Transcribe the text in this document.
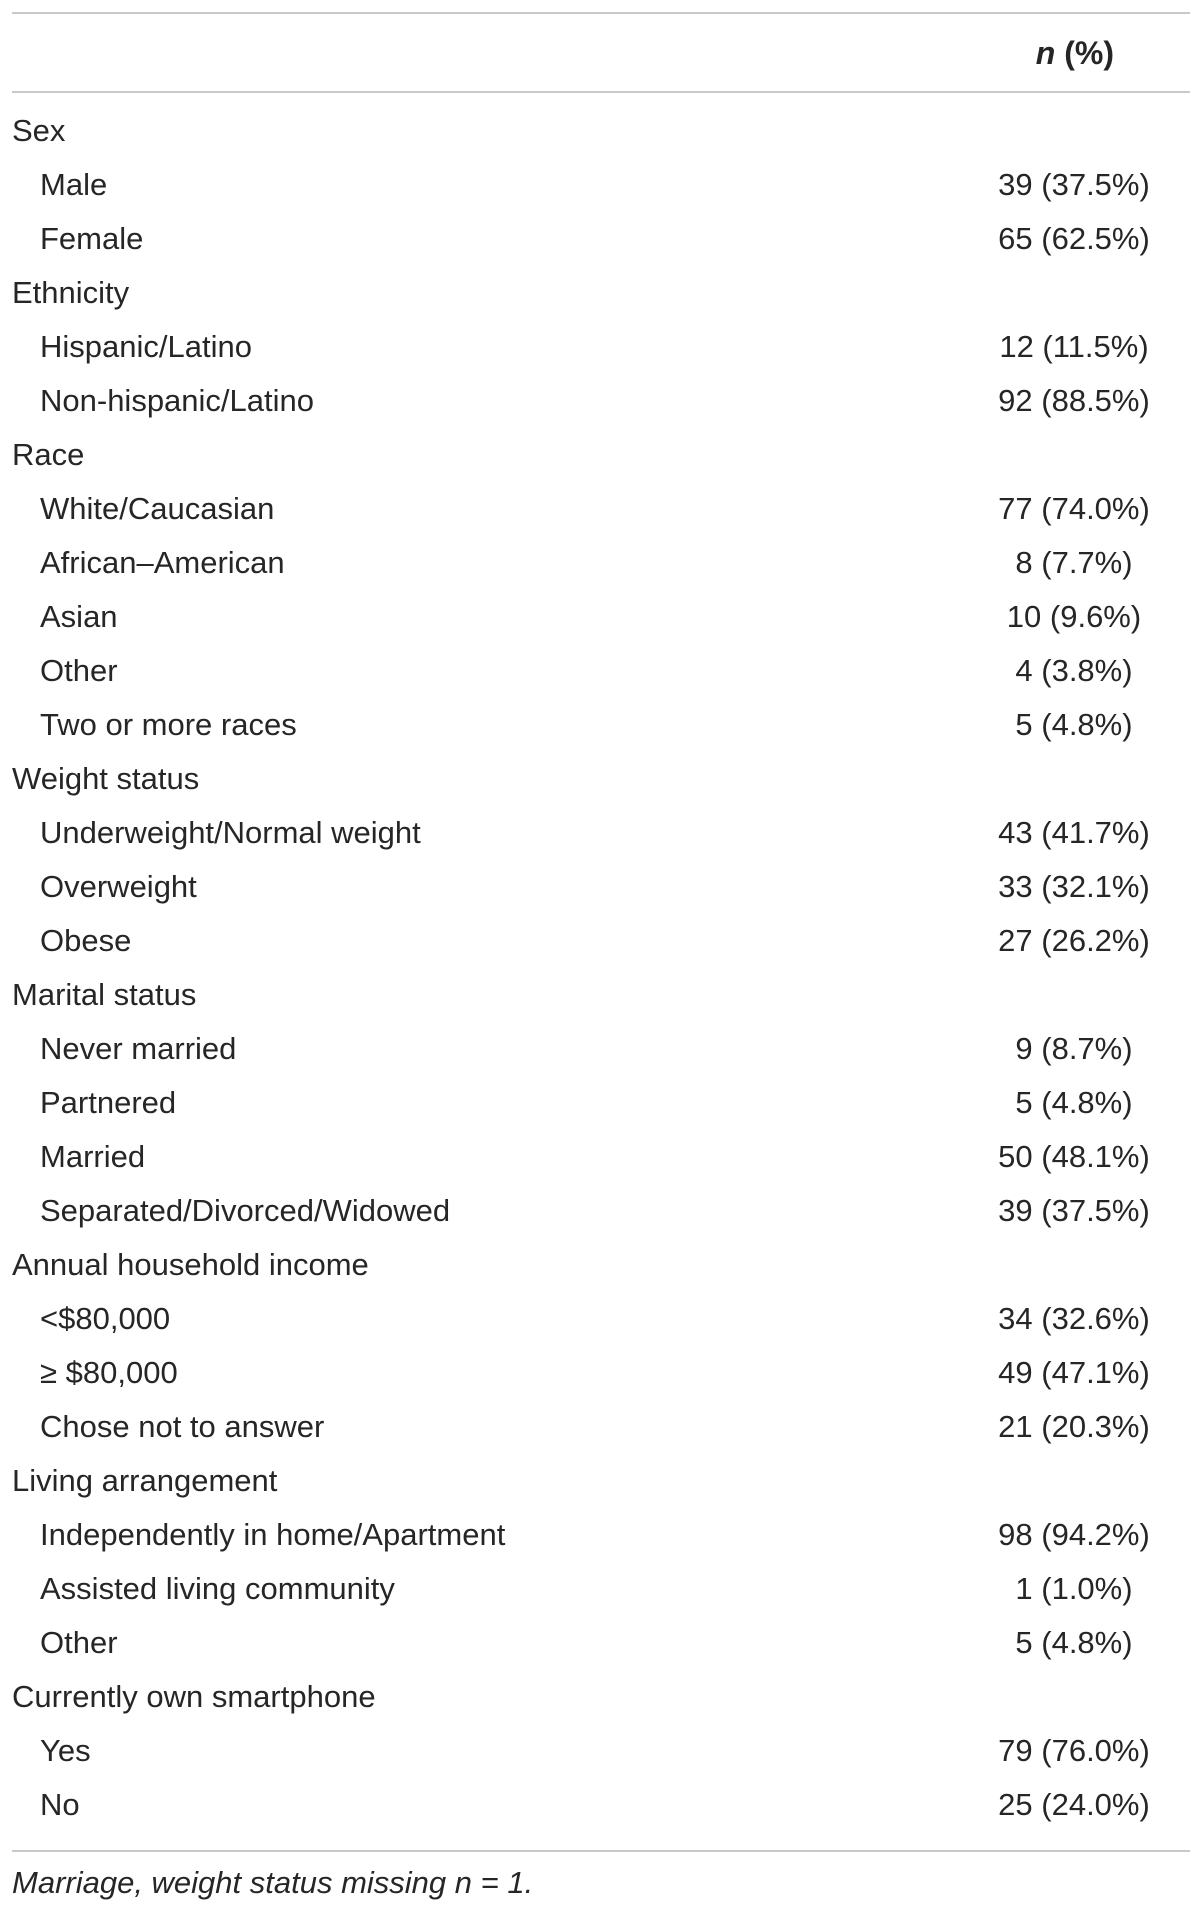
n (%)
Sex
Male	39 (37.5%)
Female	65 (62.5%)
Ethnicity
Hispanic/Latino	12 (11.5%)
Non-hispanic/Latino	92 (88.5%)
Race
White/Caucasian	77 (74.0%)
African–American	8 (7.7%)
Asian	10 (9.6%)
Other	4 (3.8%)
Two or more races	5 (4.8%)
Weight status
Underweight/Normal weight	43 (41.7%)
Overweight	33 (32.1%)
Obese	27 (26.2%)
Marital status
Never married	9 (8.7%)
Partnered	5 (4.8%)
Married	50 (48.1%)
Separated/Divorced/Widowed	39 (37.5%)
Annual household income
<$80,000	34 (32.6%)
≥ $80,000	49 (47.1%)
Chose not to answer	21 (20.3%)
Living arrangement
Independently in home/Apartment	98 (94.2%)
Assisted living community	1 (1.0%)
Other	5 (4.8%)
Currently own smartphone
Yes	79 (76.0%)
No	25 (24.0%)
Marriage, weight status missing n = 1.
